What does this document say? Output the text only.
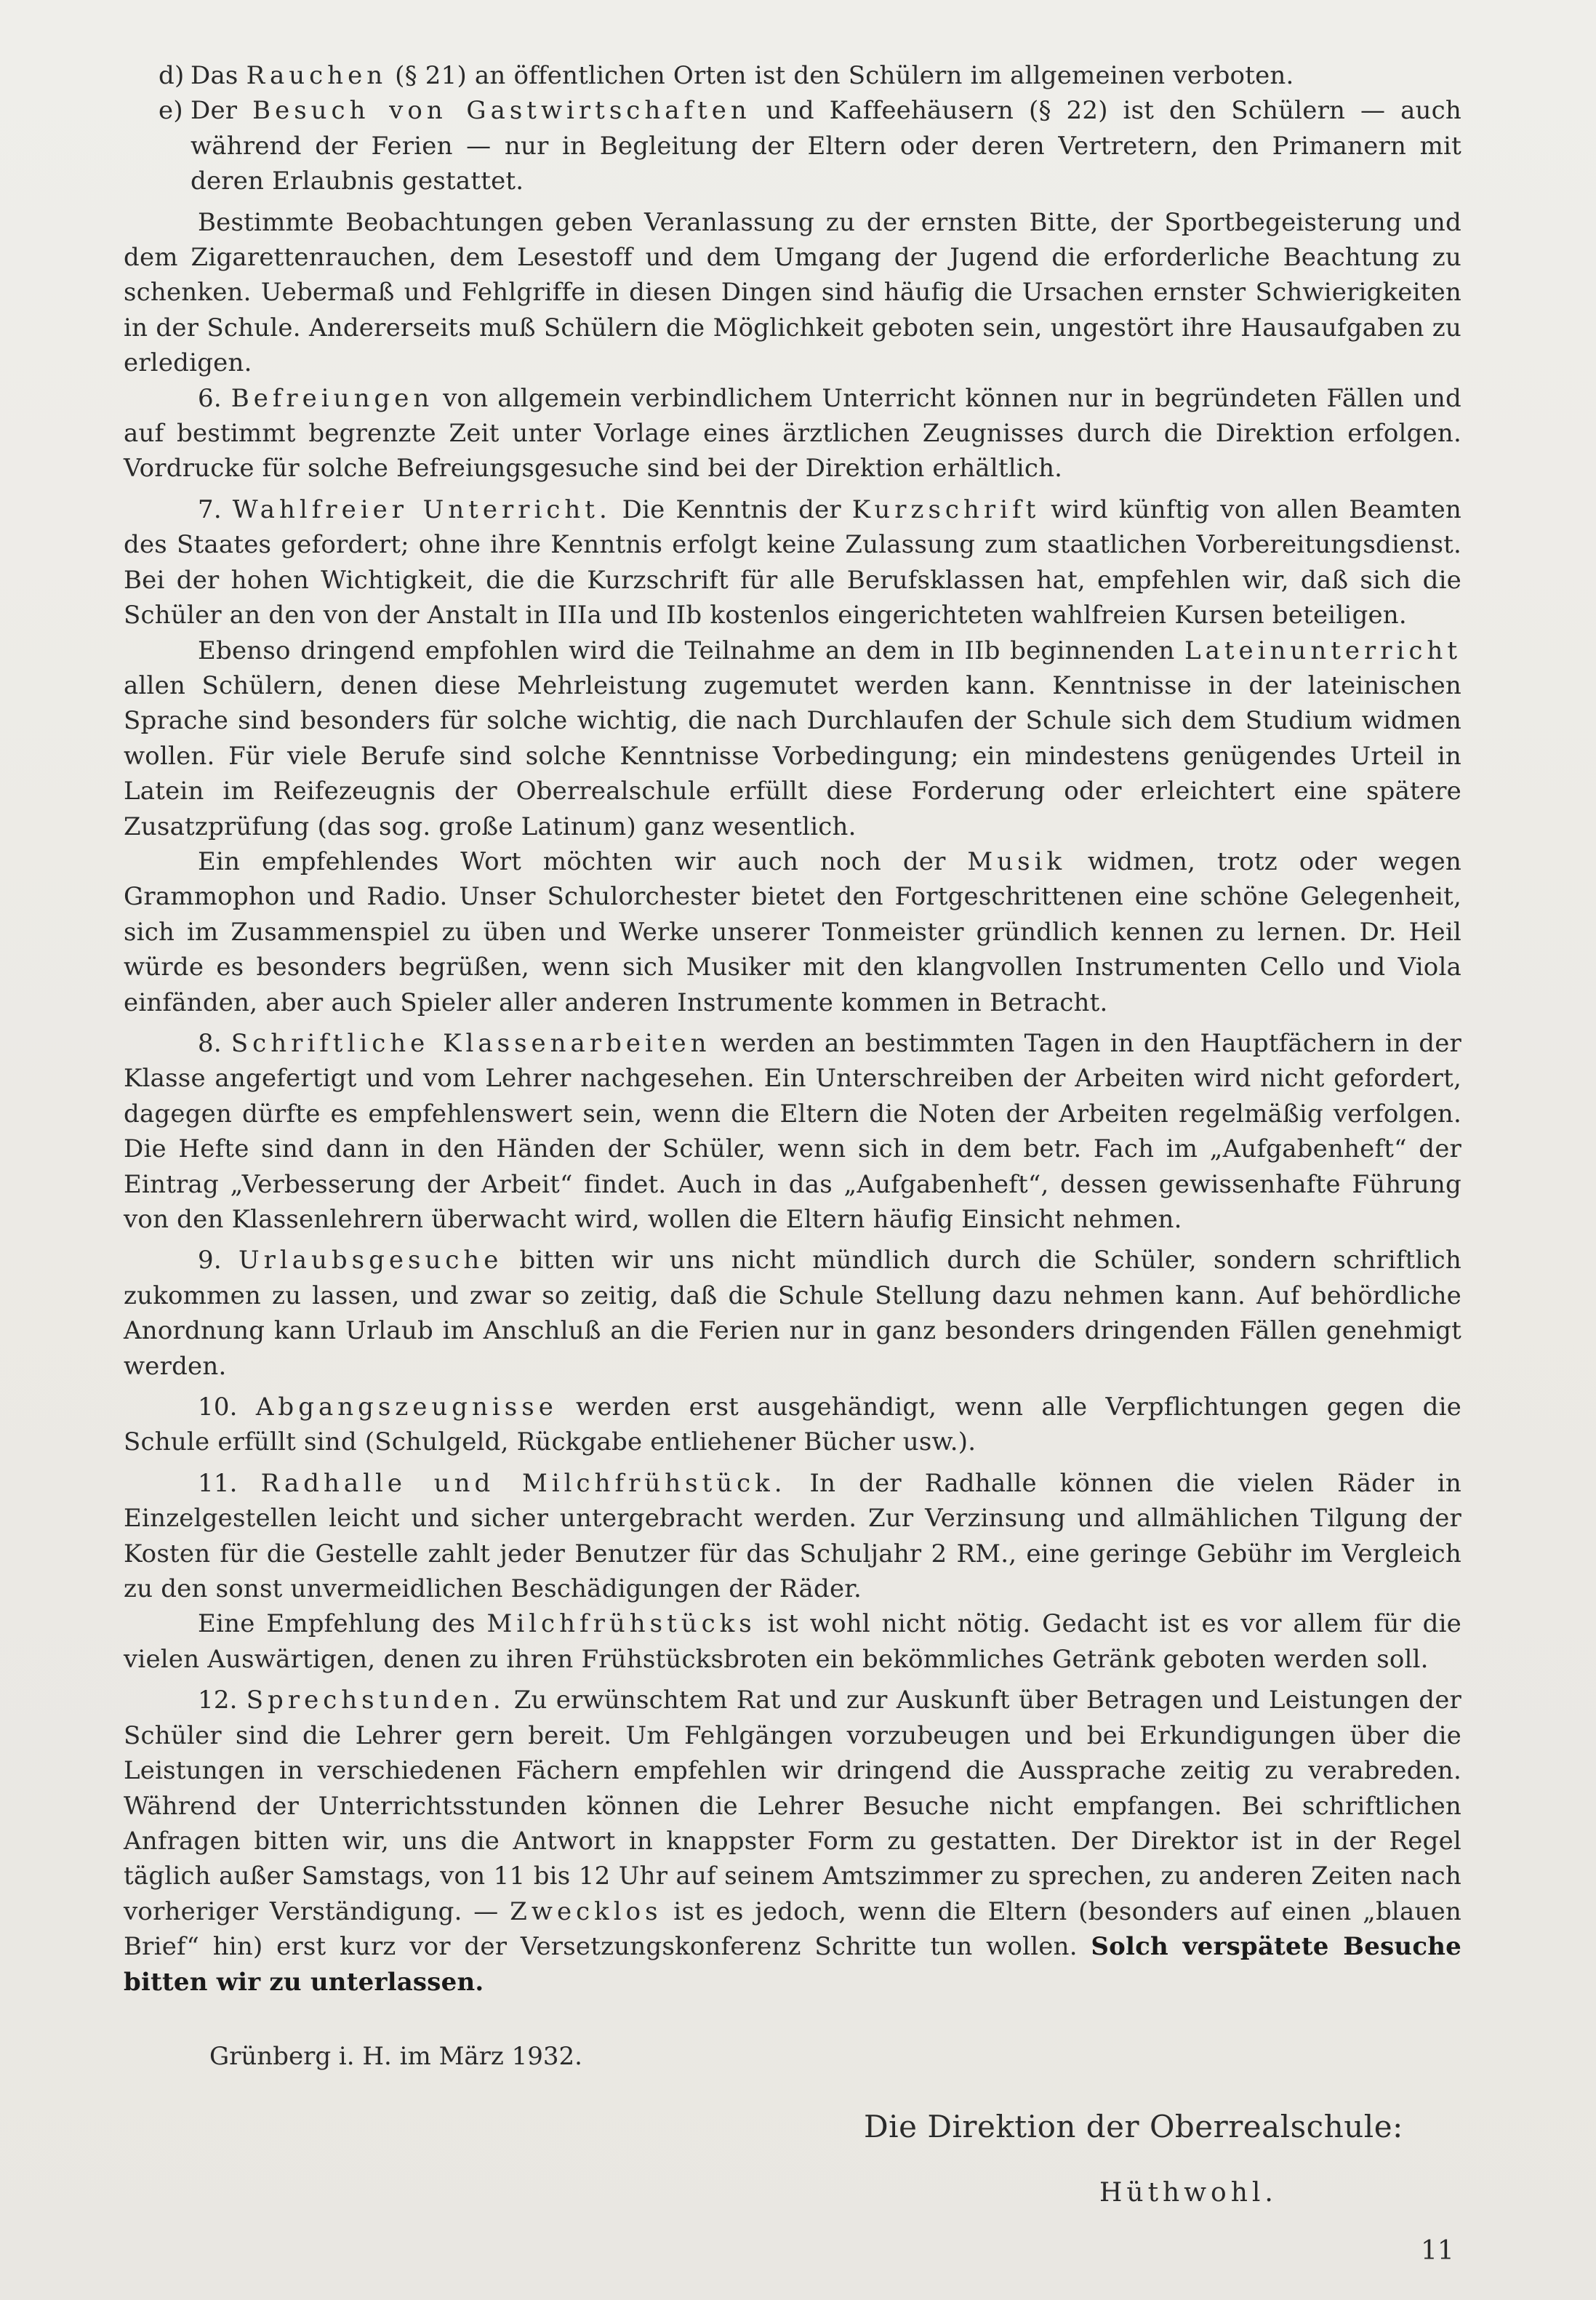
d) Das Rauchen (§ 21) an öffentlichen Orten ist den Schülern im allgemeinen verboten.

e) Der Besuch von Gastwirtschaften und Kaffeehäusern (§ 22) ist den Schülern — auch während der Ferien — nur in Begleitung der Eltern oder deren Vertretern, den Primanern mit deren Erlaubnis gestattet.

Bestimmte Beobachtungen geben Veranlassung zu der ernsten Bitte, der Sportbegeisterung und dem Zigarettenrauchen, dem Lesestoff und dem Umgang der Jugend die erforderliche Beachtung zu schenken. Uebermaß und Fehlgriffe in diesen Dingen sind häufig die Ursachen ernster Schwierigkeiten in der Schule. Andererseits muß Schülern die Möglichkeit geboten sein, ungestört ihre Hausaufgaben zu erledigen.

6. Befreiungen von allgemein verbindlichem Unterricht können nur in begründeten Fällen und auf bestimmt begrenzte Zeit unter Vorlage eines ärztlichen Zeugnisses durch die Direktion erfolgen. Vordrucke für solche Befreiungsgesuche sind bei der Direktion erhältlich.

7. Wahlfreier Unterricht. Die Kenntnis der Kurzschrift wird künftig von allen Beamten des Staates gefordert; ohne ihre Kenntnis erfolgt keine Zulassung zum staatlichen Vorbereitungsdienst. Bei der hohen Wichtigkeit, die die Kurzschrift für alle Berufsklassen hat, empfehlen wir, daß sich die Schüler an den von der Anstalt in IIIa und IIb kostenlos eingerichteten wahlfreien Kursen beteiligen.

Ebenso dringend empfohlen wird die Teilnahme an dem in IIb beginnenden Lateinunterricht allen Schülern, denen diese Mehrleistung zugemutet werden kann. Kenntnisse in der lateinischen Sprache sind besonders für solche wichtig, die nach Durchlaufen der Schule sich dem Studium widmen wollen. Für viele Berufe sind solche Kenntnisse Vorbedingung; ein mindestens genügendes Urteil in Latein im Reifezeugnis der Oberrealschule erfüllt diese Forderung oder erleichtert eine spätere Zusatzprüfung (das sog. große Latinum) ganz wesentlich.

Ein empfehlendes Wort möchten wir auch noch der Musik widmen, trotz oder wegen Grammophon und Radio. Unser Schulorchester bietet den Fortgeschrittenen eine schöne Gelegenheit, sich im Zusammenspiel zu üben und Werke unserer Tonmeister gründlich kennen zu lernen. Dr. Heil würde es besonders begrüßen, wenn sich Musiker mit den klangvollen Instrumenten Cello und Viola einfänden, aber auch Spieler aller anderen Instrumente kommen in Betracht.

8. Schriftliche Klassenarbeiten werden an bestimmten Tagen in den Hauptfächern in der Klasse angefertigt und vom Lehrer nachgesehen. Ein Unterschreiben der Arbeiten wird nicht gefordert, dagegen dürfte es empfehlenswert sein, wenn die Eltern die Noten der Arbeiten regelmäßig verfolgen. Die Hefte sind dann in den Händen der Schüler, wenn sich in dem betr. Fach im „Aufgabenheft“ der Eintrag „Verbesserung der Arbeit“ findet. Auch in das „Aufgabenheft“, dessen gewissenhafte Führung von den Klassenlehrern überwacht wird, wollen die Eltern häufig Einsicht nehmen.

9. Urlaubsgesuche bitten wir uns nicht mündlich durch die Schüler, sondern schriftlich zukommen zu lassen, und zwar so zeitig, daß die Schule Stellung dazu nehmen kann. Auf behördliche Anordnung kann Urlaub im Anschluß an die Ferien nur in ganz besonders dringenden Fällen genehmigt werden.

10. Abgangszeugnisse werden erst ausgehändigt, wenn alle Verpflichtungen gegen die Schule erfüllt sind (Schulgeld, Rückgabe entliehener Bücher usw.).

11. Radhalle und Milchfrühstück. In der Radhalle können die vielen Räder in Einzelgestellen leicht und sicher untergebracht werden. Zur Verzinsung und allmählichen Tilgung der Kosten für die Gestelle zahlt jeder Benutzer für das Schuljahr 2 RM., eine geringe Gebühr im Vergleich zu den sonst unvermeidlichen Beschädigungen der Räder.

Eine Empfehlung des Milchfrühstücks ist wohl nicht nötig. Gedacht ist es vor allem für die vielen Auswärtigen, denen zu ihren Frühstücksbroten ein bekömmliches Getränk geboten werden soll.

12. Sprechstunden. Zu erwünschtem Rat und zur Auskunft über Betragen und Leistungen der Schüler sind die Lehrer gern bereit. Um Fehlgängen vorzubeugen und bei Erkundigungen über die Leistungen in verschiedenen Fächern empfehlen wir dringend die Aussprache zeitig zu verabreden. Während der Unterrichtsstunden können die Lehrer Besuche nicht empfangen. Bei schriftlichen Anfragen bitten wir, uns die Antwort in knappster Form zu gestatten. Der Direktor ist in der Regel täglich außer Samstags, von 11 bis 12 Uhr auf seinem Amtszimmer zu sprechen, zu anderen Zeiten nach vorheriger Verständigung. — Zwecklos ist es jedoch, wenn die Eltern (besonders auf einen „blauen Brief“ hin) erst kurz vor der Versetzungskonferenz Schritte tun wollen. Solch verspätete Besuche bitten wir zu unterlassen.

Grünberg i. H. im März 1932.
Die Direktion der Oberrealschule:
Hüthwohl.
11
